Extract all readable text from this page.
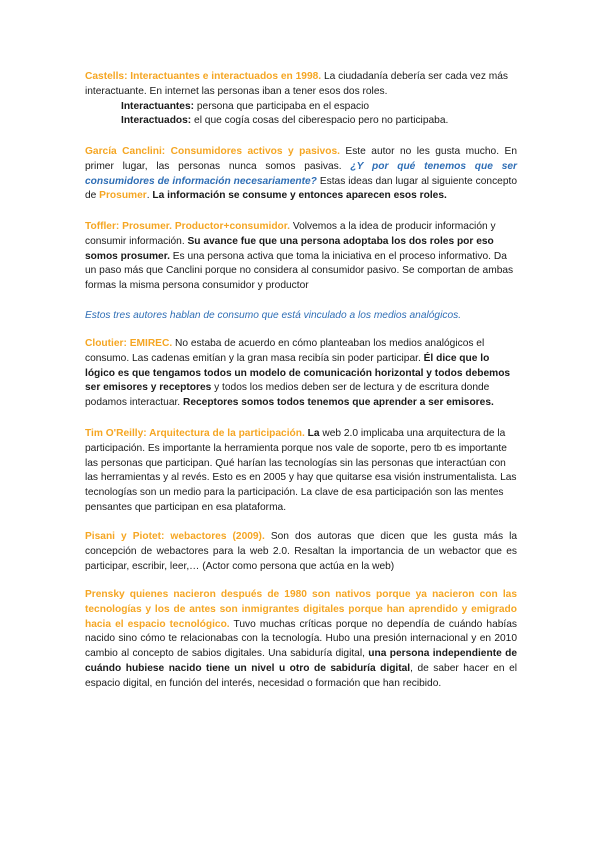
Castells: Interactuantes e interactuados en 1998. La ciudadanía debería ser cada vez más interactuante. En internet las personas iban a tener esos dos roles.
Interactuantes: persona que participaba en el espacio
Interactuados: el que cogía cosas del ciberespacio pero no participaba.

García Canclini: Consumidores activos y pasivos. Este autor no les gusta mucho. En primer lugar, las personas nunca somos pasivas. ¿Y por qué tenemos que ser consumidores de información necesariamente? Estas ideas dan lugar al siguiente concepto de Prosumer. La información se consume y entonces aparecen esos roles.

Toffler: Prosumer. Productor+consumidor. Volvemos a la idea de producir información y consumir información. Su avance fue que una persona adoptaba los dos roles por eso somos prosumer. Es una persona activa que toma la iniciativa en el proceso informativo. Da un paso más que Canclini porque no considera al consumidor pasivo. Se comportan de ambas formas la misma persona consumidor y productor

Estos tres autores hablan de consumo que está vinculado a los medios analógicos.

Cloutier: EMIREC. No estaba de acuerdo en cómo planteaban los medios analógicos el consumo. Las cadenas emitían y la gran masa recibía sin poder participar. Él dice que lo lógico es que tengamos todos un modelo de comunicación horizontal y todos debemos ser emisores y receptores y todos los medios deben ser de lectura y de escritura donde podamos interactuar. Receptores somos todos tenemos que aprender a ser emisores.

Tim O'Reilly: Arquitectura de la participación. La web 2.0 implicaba una arquitectura de la participación. Es importante la herramienta porque nos vale de soporte, pero tb es importante las personas que participan. Qué harían las tecnologías sin las personas que interactúan con las herramientas y al revés. Esto es en 2005 y hay que quitarse esa visión instrumentalista. Las tecnologías son un medio para la participación. La clave de esa participación son las mentes pensantes que participan en esa plataforma.

Pisani y Piotet: webactores (2009). Son dos autoras que dicen que les gusta más la concepción de webactores para la web 2.0. Resaltan la importancia de un webactor que es participar, escribir, leer,… (Actor como persona que actúa en la web)

Prensky quienes nacieron después de 1980 son nativos porque ya nacieron con las tecnologías y los de antes son inmigrantes digitales porque han aprendido y emigrado hacia el espacio tecnológico. Tuvo muchas críticas porque no dependía de cuándo habías nacido sino cómo te relacionabas con la tecnología. Hubo una presión internacional y en 2010 cambio al concepto de sabios digitales. Una sabiduría digital, una persona independiente de cuándo hubiese nacido tiene un nivel u otro de sabiduría digital, de saber hacer en el espacio digital, en función del interés, necesidad o formación que han recibido.
